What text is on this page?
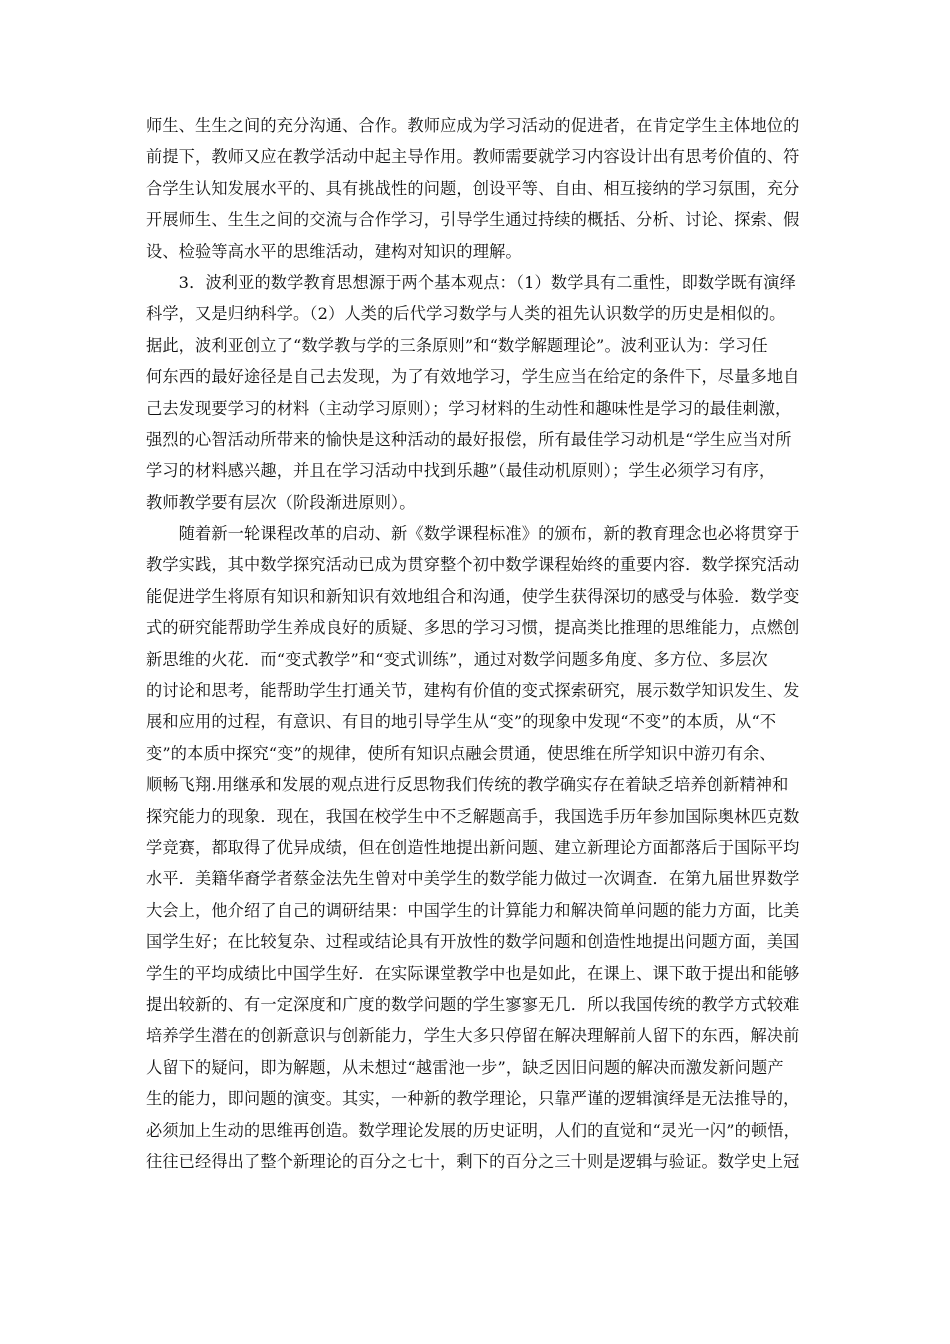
师生、生生之间的充分沟通、合作。教师应成为学习活动的促进者，在肯定学生主体地位的
前提下，教师又应在教学活动中起主导作用。教师需要就学习内容设计出有思考价值的、符
合学生认知发展水平的、具有挑战性的问题，创设平等、自由、相互接纳的学习氛围，充分
开展师生、生生之间的交流与合作学习，引导学生通过持续的概括、分析、讨论、探索、假
设、检验等高水平的思维活动，建构对知识的理解。
　　3．波利亚的数学教育思想源于两个基本观点：（1）数学具有二重性，即数学既有演绎
科学，又是归纳科学。（2）人类的后代学习数学与人类的祖先认识数学的历史是相似的。
据此，波利亚创立了“数学教与学的三条原则”和“数学解题理论”。波利亚认为：学习任
何东西的最好途径是自己去发现，为了有效地学习，学生应当在给定的条件下，尽量多地自
己去发现要学习的材料（主动学习原则）；学习材料的生动性和趣味性是学习的最佳刺激，
强烈的心智活动所带来的愉快是这种活动的最好报偿，所有最佳学习动机是“学生应当对所
学习的材料感兴趣，并且在学习活动中找到乐趣”（最佳动机原则）；学生必须学习有序，
教师教学要有层次（阶段渐进原则）。
　　随着新一轮课程改革的启动、新《数学课程标准》的颁布，新的教育理念也必将贯穿于
教学实践，其中数学探究活动已成为贯穿整个初中数学课程始终的重要内容．数学探究活动
能促进学生将原有知识和新知识有效地组合和沟通，使学生获得深切的感受与体验．数学变
式的研究能帮助学生养成良好的质疑、多思的学习习惯，提高类比推理的思维能力，点燃创
新思维的火花．而“变式教学”和“变式训练”，通过对数学问题多角度、多方位、多层次
的讨论和思考，能帮助学生打通关节，建构有价值的变式探索研究，展示数学知识发生、发
展和应用的过程，有意识、有目的地引导学生从“变”的现象中发现“不变”的本质，从“不
变”的本质中探究“变”的规律，使所有知识点融会贯通，使思维在所学知识中游刃有余、
顺畅飞翔.用继承和发展的观点进行反思物我们传统的教学确实存在着缺乏培养创新精神和
探究能力的现象．现在，我国在校学生中不乏解题高手，我国选手历年参加国际奥林匹克数
学竞赛，都取得了优异成绩，但在创造性地提出新问题、建立新理论方面都落后于国际平均
水平．美籍华裔学者蔡金法先生曾对中美学生的数学能力做过一次调查．在第九届世界数学
大会上，他介绍了自己的调研结果：中国学生的计算能力和解决简单问题的能力方面，比美
国学生好；在比较复杂、过程或结论具有开放性的数学问题和创造性地提出问题方面，美国
学生的平均成绩比中国学生好．在实际课堂教学中也是如此，在课上、课下敢于提出和能够
提出较新的、有一定深度和广度的数学问题的学生寥寥无几．所以我国传统的教学方式较难
培养学生潜在的创新意识与创新能力，学生大多只停留在解决理解前人留下的东西，解决前
人留下的疑问，即为解题，从未想过“越雷池一步”，缺乏因旧问题的解决而激发新问题产
生的能力，即问题的演变。其实，一种新的教学理论，只靠严谨的逻辑演绎是无法推导的，
必须加上生动的思维再创造。数学理论发展的历史证明，人们的直觉和“灵光一闪”的顿悟，
往往已经得出了整个新理论的百分之七十，剩下的百分之三十则是逻辑与验证。数学史上冠
